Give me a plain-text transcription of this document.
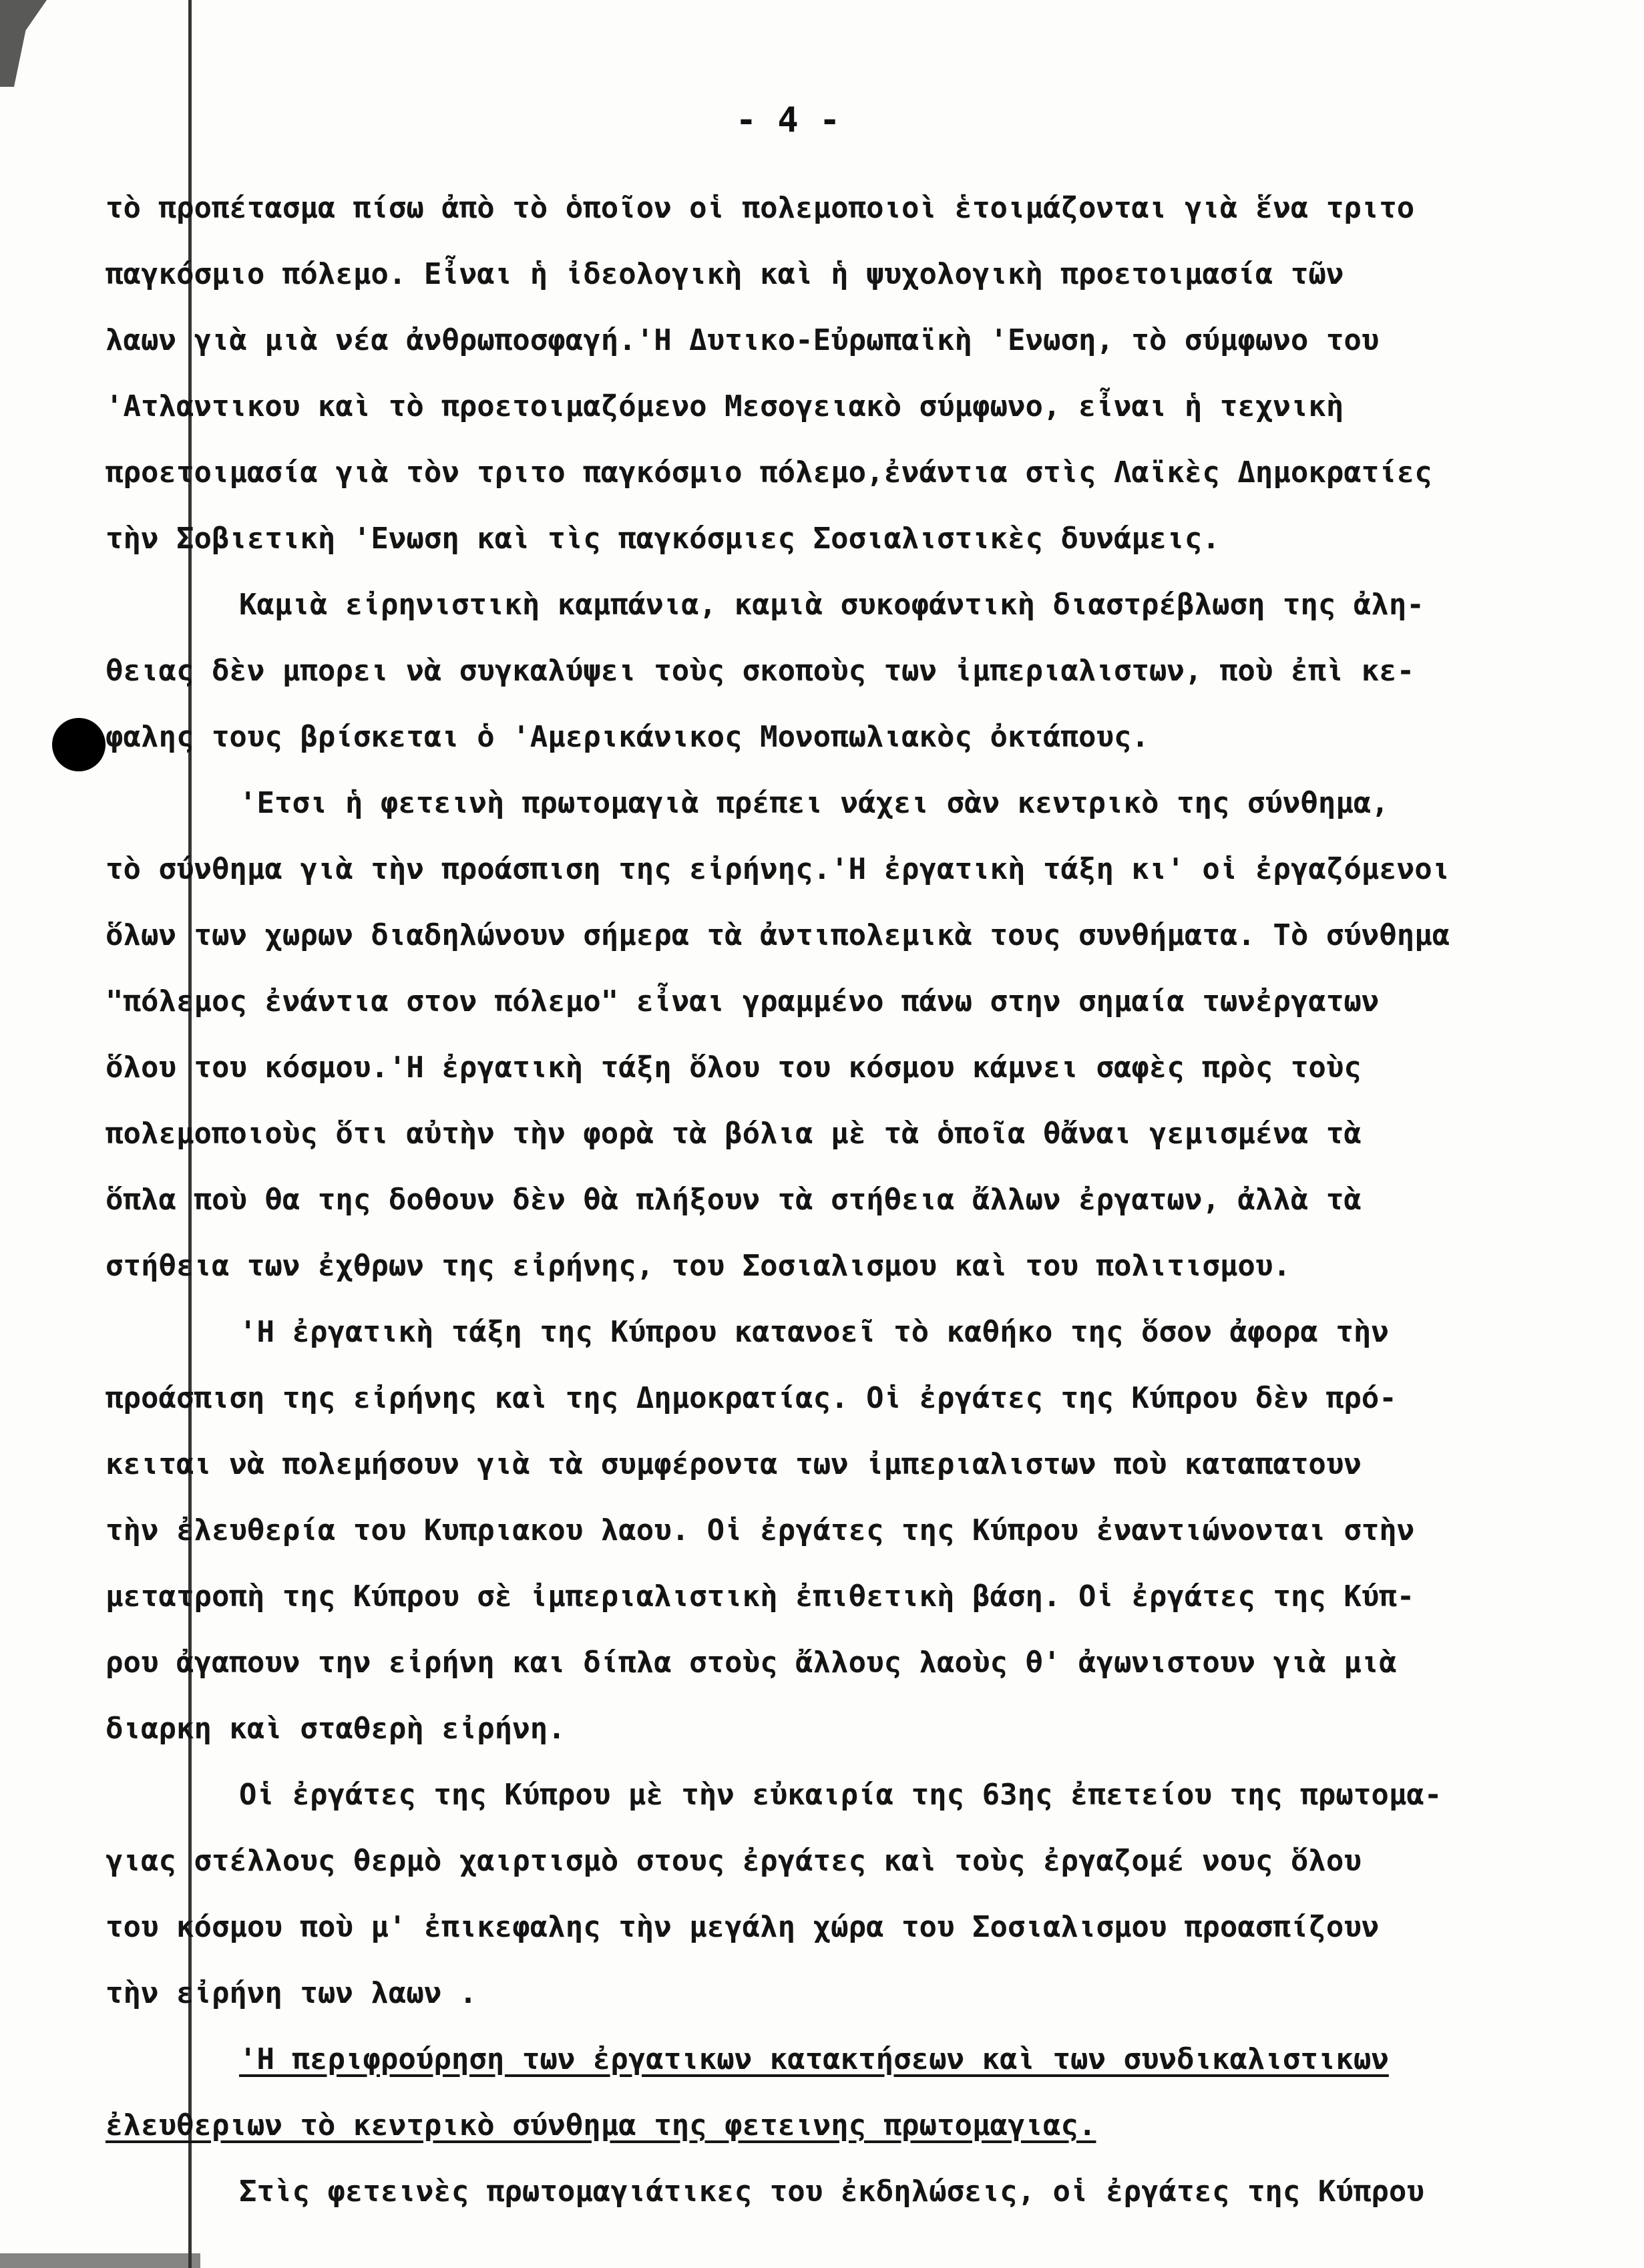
- 4 -
τὸ προπέτασμα πίσω ἀπὸ τὸ ὁποῖον οἱ πολεμοποιοὶ ἑτοιμάζονται γιὰ ἕνα τριτο
παγκόσμιο πόλεμο. Εἶναι ἡ ἰδεολογικὴ καὶ ἡ ψυχολογικὴ προετοιμασία τῶν
λαων γιὰ μιὰ νέα ἀνθρωποσφαγή.'Η Δυτικο-Εὐρωπαϊκὴ 'Ενωση, τὸ σύμφωνο του
'Ατλαντικου καὶ τὸ προετοιμαζόμενο Μεσογειακὸ σύμφωνο, εἶναι ἡ τεχνικὴ
προετοιμασία γιὰ τὸν τριτο παγκόσμιο πόλεμο,ἐνάντια στὶς Λαϊκὲς Δημοκρατίες
τὴν Σοβιετικὴ 'Ενωση καὶ τὶς παγκόσμιες Σοσιαλιστικὲς δυνάμεις.
Καμιὰ εἰρηνιστικὴ καμπάνια, καμιὰ συκοφάντικὴ διαστρέβλωση της ἀλη-
θειας δὲν μπορει νὰ συγκαλύψει τοὺς σκοποὺς των ἰμπεριαλιστων, ποὺ ἐπὶ κε-
φαλης τους βρίσκεται ὁ 'Αμερικάνικος Μονοπωλιακὸς ὀκτάπους.
'Ετσι ἡ φετεινὴ πρωτομαγιὰ πρέπει νάχει σὰν κεντρικὸ της σύνθημα,
τὸ σύνθημα γιὰ τὴν προάσπιση της εἰρήνης.'Η ἐργατικὴ τάξη κι' οἱ ἐργαζόμενοι
ὅλων των χωρων διαδηλώνουν σήμερα τὰ ἀντιπολεμικὰ τους συνθήματα. Τὸ σύνθημα
"πόλεμος ἐνάντια στον πόλεμο" εἶναι γραμμένο πάνω στην σημαία τωνἐργατων
ὅλου του κόσμου.'Η ἐργατικὴ τάξη ὅλου του κόσμου κάμνει σαφὲς πρὸς τοὺς
πολεμοποιοὺς ὅτι αὐτὴν τὴν φορὰ τὰ βόλια μὲ τὰ ὁποῖα θἄναι γεμισμένα τὰ
ὅπλα ποὺ θα της δοθουν δὲν θὰ πλήξουν τὰ στήθεια ἄλλων ἐργατων, ἀλλὰ τὰ
στήθεια των ἐχθρων της εἰρήνης, του Σοσιαλισμου καὶ του πολιτισμου.
'Η ἐργατικὴ τάξη της Κύπρου κατανοεῖ τὸ καθήκο της ὅσον ἀφορα τὴν
προάσπιση της εἰρήνης καὶ της Δημοκρατίας. Οἱ ἐργάτες της Κύπρου δὲν πρό-
κειται νὰ πολεμήσουν γιὰ τὰ συμφέροντα των ἰμπεριαλιστων ποὺ καταπατουν
τὴν ἐλευθερία του Κυπριακου λαου. Οἱ ἐργάτες της Κύπρου ἐναντιώνονται στὴν
μετατροπὴ της Κύπρου σὲ ἰμπεριαλιστικὴ ἐπιθετικὴ βάση. Οἱ ἐργάτες της Κύπ-
ρου ἀγαπουν την εἰρήνη και δίπλα στοὺς ἄλλους λαοὺς θ' ἀγωνιστουν γιὰ μιὰ
διαρκη καὶ σταθερὴ εἰρήνη.
Οἱ ἐργάτες της Κύπρου μὲ τὴν εὐκαιρία της 63ης ἐπετείου της πρωτομα-
γιας στέλλους θερμὸ χαιρτισμὸ στους ἐργάτες καὶ τοὺς ἐργαζομέ νους ὅλου
του κόσμου ποὺ μ' ἐπικεφαλης τὴν μεγάλη χώρα του Σοσιαλισμου προασπίζουν
τὴν εἰρήνη των λαων .
'Η περιφρούρηση των ἐργατικων κατακτήσεων καὶ των συνδικαλιστικων
ἐλευθεριων τὸ κεντρικὸ σύνθημα της φετεινης πρωτομαγιας.
Στὶς φετεινὲς πρωτομαγιάτικες του ἐκδηλώσεις, οἱ ἐργάτες της Κύπρου
